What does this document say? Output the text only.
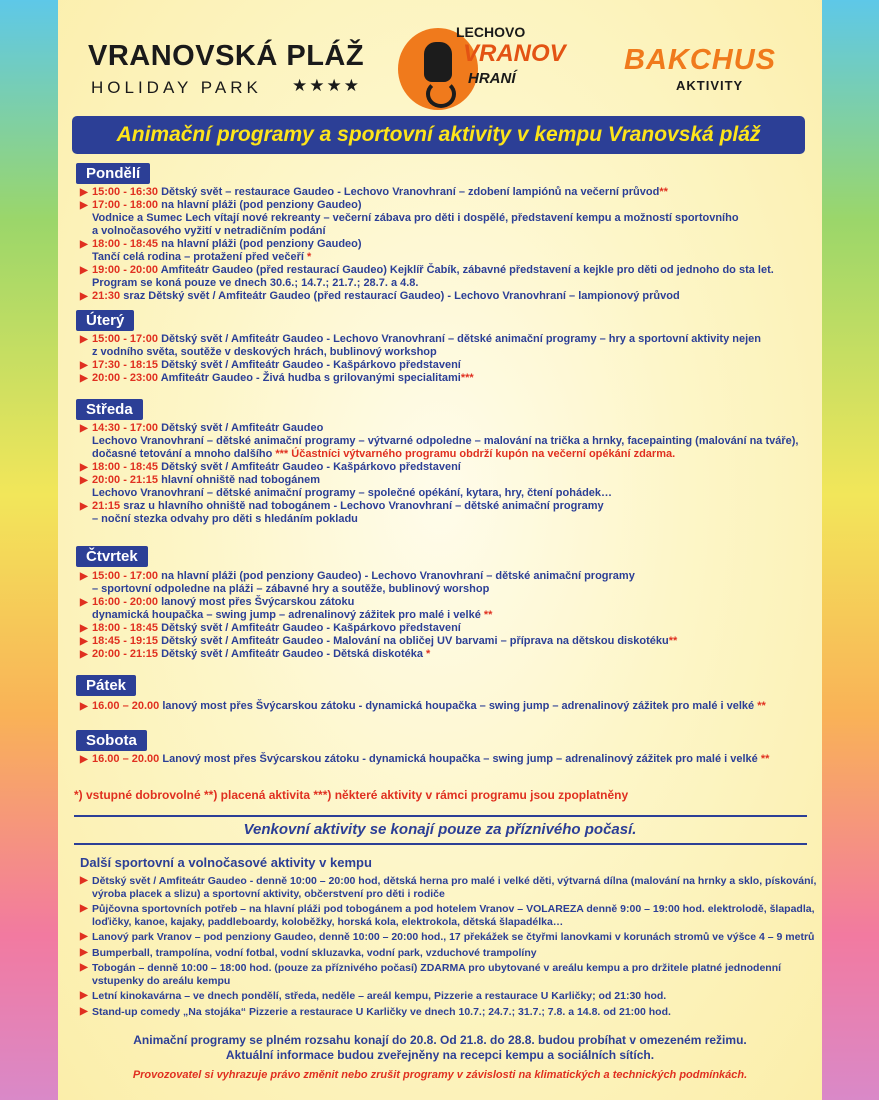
VRANOVSKÁ PLÁŽ
HOLIDAY PARK ★★★★
LECHOVO
VRANOV
HRANÍ
BAKCHUS
AKTIVITY
Animační programy a sportovní aktivity v kempu Vranovská pláž
Pondělí
▶ 15:00 - 16:30 Dětský svět – restaurace Gaudeo - Lechovo Vranovhraní – zdobení lampiónů na večerní průvod**
▶ 17:00 - 18:00 na hlavní pláži (pod penziony Gaudeo)
Vodnice a Sumec Lech vítají nové rekreanty – večerní zábava pro děti i dospělé, představení kempu a možností sportovního
a volnočasového vyžití v netradičním podání
▶ 18:00 - 18:45 na hlavní pláži (pod penziony Gaudeo)
Tančí celá rodina – protažení před večeří *
▶ 19:00 - 20:00 Amfiteátr Gaudeo (před restaurací Gaudeo) Kejklíř Čabík, zábavné představení a kejkle pro děti od jednoho do sta let.
Program se koná pouze ve dnech 30.6.; 14.7.; 21.7.; 28.7. a 4.8.
▶ 21:30 sraz Dětský svět / Amfiteátr Gaudeo (před restaurací Gaudeo) - Lechovo Vranovhraní – lampionový průvod
Úterý
▶ 15:00 - 17:00 Dětský svět / Amfiteátr Gaudeo - Lechovo Vranovhraní – dětské animační programy – hry a sportovní aktivity nejen
z vodního světa, soutěže v deskových hrách, bublinový workshop
▶ 17:30 - 18:15 Dětský svět / Amfiteátr Gaudeo - Kašpárkovo představení
▶ 20:00 - 23:00 Amfiteátr Gaudeo - Živá hudba s grilovanými specialitami***
Středa
▶ 14:30 - 17:00 Dětský svět / Amfiteátr Gaudeo
Lechovo Vranovhraní – dětské animační programy – výtvarné odpoledne – malování na trička a hrnky, facepainting (malování na tváře),
dočasné tetování a mnoho dalšího *** Účastníci výtvarného programu obdrží kupón na večerní opékání zdarma.
▶ 18:00 - 18:45 Dětský svět / Amfiteátr Gaudeo - Kašpárkovo představení
▶ 20:00 - 21:15 hlavní ohniště nad tobogánem
Lechovo Vranovhraní – dětské animační programy – společné opékání, kytara, hry, čtení pohádek…
▶ 21:15 sraz u hlavního ohniště nad tobogánem - Lechovo Vranovhraní – dětské animační programy
– noční stezka odvahy pro děti s hledáním pokladu
Čtvrtek
▶ 15:00 - 17:00 na hlavní pláži (pod penziony Gaudeo) - Lechovo Vranovhraní – dětské animační programy
– sportovní odpoledne na pláži – zábavné hry a soutěže, bublinový worshop
▶ 16:00 - 20:00 lanový most přes Švýcarskou zátoku
dynamická houpačka – swing jump – adrenalinový zážitek pro malé i velké **
▶ 18:00 - 18:45 Dětský svět / Amfiteátr Gaudeo - Kašpárkovo představení
▶ 18:45 - 19:15 Dětský svět / Amfiteátr Gaudeo - Malování na obličej UV barvami – příprava na dětskou diskotéku**
▶ 20:00 - 21:15 Dětský svět / Amfiteátr Gaudeo - Dětská diskotéka *
Pátek
▶ 16.00 – 20.00 lanový most přes Švýcarskou zátoku - dynamická houpačka – swing jump – adrenalinový zážitek pro malé i velké **
Sobota
▶ 16.00 – 20.00 Lanový most přes Švýcarskou zátoku - dynamická houpačka – swing jump – adrenalinový zážitek pro malé i velké **
*) vstupné dobrovolné **) placená aktivita ***) některé aktivity v rámci programu jsou zpoplatněny
Venkovní aktivity se konají pouze za příznivého počasí.
Další sportovní a volnočasové aktivity v kempu
▶ Dětský svět / Amfiteátr Gaudeo - denně 10:00 – 20:00 hod, dětská herna pro malé i velké děti, výtvarná dílna (malování na hrnky a sklo, pískování, výroba placek a slizu) a sportovní aktivity, občerstvení pro děti i rodiče
▶ Půjčovna sportovních potřeb – na hlavní pláži pod tobogánem a pod hotelem Vranov – VOLAREZA denně 9:00 – 19:00 hod. elektrolodě, šlapadla, loďičky, kanoe, kajaky, paddleboardy, koloběžky, horská kola, elektrokola, dětská šlapadélka…
▶ Lanový park Vranov – pod penziony Gaudeo, denně 10:00 – 20:00 hod., 17 překážek se čtyřmi lanovkami v korunách stromů ve výšce 4 – 9 metrů
▶ Bumperball, trampolína, vodní fotbal, vodní skluzavka, vodní park, vzduchové trampolíny
▶ Tobogán – denně 10:00 – 18:00 hod. (pouze za příznivého počasí) ZDARMA pro ubytované v areálu kempu a pro držitele platné jednodenní vstupenky do areálu kempu
▶ Letní kinokavárna – ve dnech pondělí, středa, neděle – areál kempu, Pizzerie a restaurace U Karličky; od 21:30 hod.
▶ Stand-up comedy „Na stojáka“ Pizzerie a restaurace U Karličky ve dnech 10.7.; 24.7.; 31.7.; 7.8. a 14.8. od 21:00 hod.
Animační programy se plném rozsahu konají do 20.8. Od 21.8. do 28.8. budou probíhat v omezeném režimu.
Aktuální informace budou zveřejněny na recepci kempu a sociálních sítích.
Provozovatel si vyhrazuje právo změnit nebo zrušit programy v závislosti na klimatických a technických podmínkách.
